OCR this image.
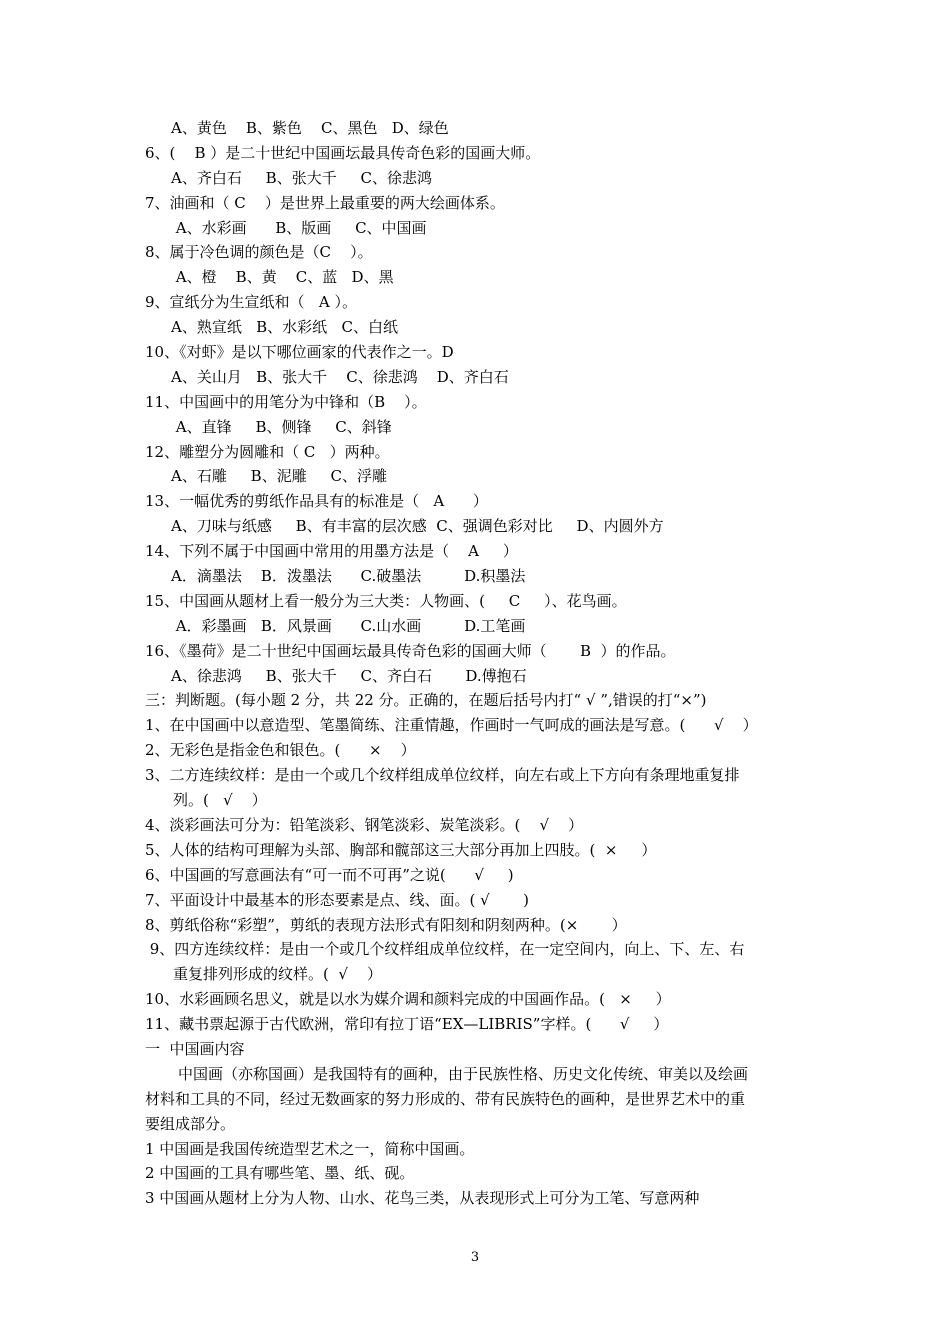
A、黄色    B、紫色    C、黑色   D、绿色
6、(    B ）是二十世纪中国画坛最具传奇色彩的国画大师。
A、齐白石     B、张大千     C、徐悲鸿
7、油画和（ C    ）是世界上最重要的两大绘画体系。
A、水彩画      B、版画     C、中国画
8、属于冷色调的颜色是（C    ）。
A、橙    B、黄    C、蓝   D、黑
9、宣纸分为生宣纸和（   A ）。
A、熟宣纸   B、水彩纸   C、白纸
10、《对虾》是以下哪位画家的代表作之一。D
A、关山月   B、张大千    C、徐悲鸿    D、齐白石
11、中国画中的用笔分为中锋和（B    ）。
A、直锋     B、侧锋     C、斜锋
12、雕塑分为圆雕和（ C   ）两种。
A、石雕     B、泥雕     C、浮雕
13、一幅优秀的剪纸作品具有的标准是（   A      ）
A、刀味与纸感     B、有丰富的层次感  C、强调色彩对比     D、内圆外方
14、下列不属于中国画中常用的用墨方法是（    A     ）
A．滴墨法    B．泼墨法      C.破墨法         D.积墨法
15、中国画从题材上看一般分为三大类：人物画、(     C     ）、花鸟画。
A．彩墨画   B．风景画      C.山水画         D.工笔画
16、《墨荷》是二十世纪中国画坛最具传奇色彩的国画大师（       B  ）的作品。
A、徐悲鸿     B、张大千     C、齐白石       D.傅抱石
三：判断题。(每小题 2 分，共 22 分。正确的，在题后括号内打“ √ ”,错误的打“×”)
1、在中国画中以意造型、笔墨简练、注重情趣，作画时一气呵成的画法是写意。(      √    ）
2、无彩色是指金色和银色。(      ×    ）
3、二方连续纹样：是由一个或几个纹样组成单位纹样，向左右或上下方向有条理地重复排
列。(   √    ）
4、淡彩画法可分为：铅笔淡彩、钢笔淡彩、炭笔淡彩。(    √    ）
5、人体的结构可理解为头部、胸部和髋部这三大部分再加上四肢。(  ×     ）
6、中国画的写意画法有“可一而不可再”之说(      √     )
7、平面设计中最基本的形态要素是点、线、面。( √       )
8、剪纸俗称“彩塑”，剪纸的表现方法形式有阳刻和阴刻两种。(×       ）
9、四方连续纹样：是由一个或几个纹样组成单位纹样，在一定空间内，向上、下、左、右
重复排列形成的纹样。(  √    ）
10、水彩画顾名思义，就是以水为媒介调和颜料完成的中国画作品。(   ×     ）
11、藏书票起源于古代欧洲，常印有拉丁语“EX—LIBRIS”字样。(      √     ）
一  中国画内容
中国画（亦称国画）是我国特有的画种，由于民族性格、历史文化传统、审美以及绘画
材料和工具的不同，经过无数画家的努力形成的、带有民族特色的画种，是世界艺术中的重
要组成部分。
1 中国画是我国传统造型艺术之一，简称中国画。
2 中国画的工具有哪些笔、墨、纸、砚。
3 中国画从题材上分为人物、山水、花鸟三类，从表现形式上可分为工笔、写意两种
3
